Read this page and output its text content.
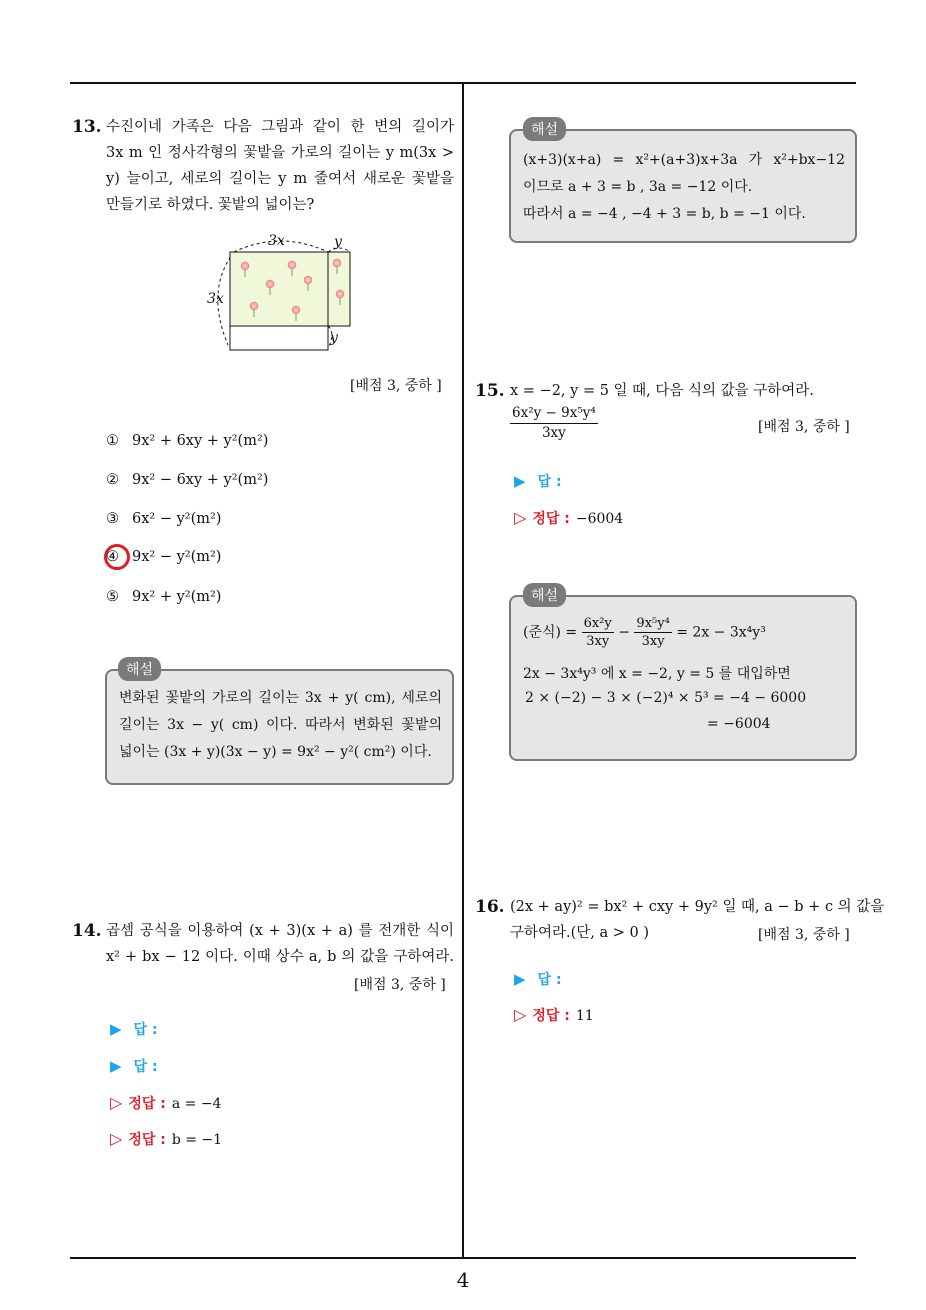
13. 수진이네 가족은 다음 그림과 같이 한 변의 길이가
3x m 인 정사각형의 꽃밭을 가로의 길이는 y m(3x >
y) 늘이고, 세로의 길이는 y m 줄여서 새로운 꽃밭을
만들기로 하였다. 꽃밭의 넓이는?
3x	y
3x
y
[배점 3, 중하 ]
① 9x² + 6xy + y²(m²)
② 9x² − 6xy + y²(m²)
③ 6x² − y²(m²)
④ 9x² − y²(m²)
⑤ 9x² + y²(m²)
변화된 꽃밭의 가로의 길이는 3x + y( cm), 세로의
길이는 3x − y( cm) 이다. 따라서 변화된 꽃밭의
넓이는 (3x + y)(3x − y) = 9x² − y²( cm²) 이다.
해설
14. 곱셈 공식을 이용하여 (x + 3)(x + a) 를 전개한 식이
x² + bx − 12 이다. 이때 상수 a, b 의 값을 구하여라.
[배점 3, 중하 ]
▶ 답 :
▶ 답 :
▷ 정답 : a = −4
▷ 정답 : b = −1
(x+3)(x+a) = x²+(a+3)x+3a 가 x²+bx−12
이므로 a + 3 = b , 3a = −12 이다.
따라서 a = −4 , −4 + 3 = b, b = −1 이다.
해설
15. x = −2, y = 5 일 때, 다음 식의 값을 구하여라.
$\frac{\text{6x²y − 9x⁵y⁴}}{3xy}$	[배점 3, 중하 ]
▶ 답 :
▷ 정답 : −6004
(준식) = $\frac{\text{6x²y}}{3xy} - \frac{\text{9x⁵y⁴}}{3xy} = 2x - 3x^4y^3$
2x − 3x⁴y³ 에 x = −2, y = 5 를 대입하면
2 × (−2) − 3 × (−2)⁴ × 5³ = −4 − 6000
= −6004
해설
16. (2x + ay)² = bx² + cxy + 9y² 일 때, a − b + c 의 값을
구하여라.(단, a > 0 )	[배점 3, 중하 ]
▶ 답 :
▷ 정답 : 11
4
